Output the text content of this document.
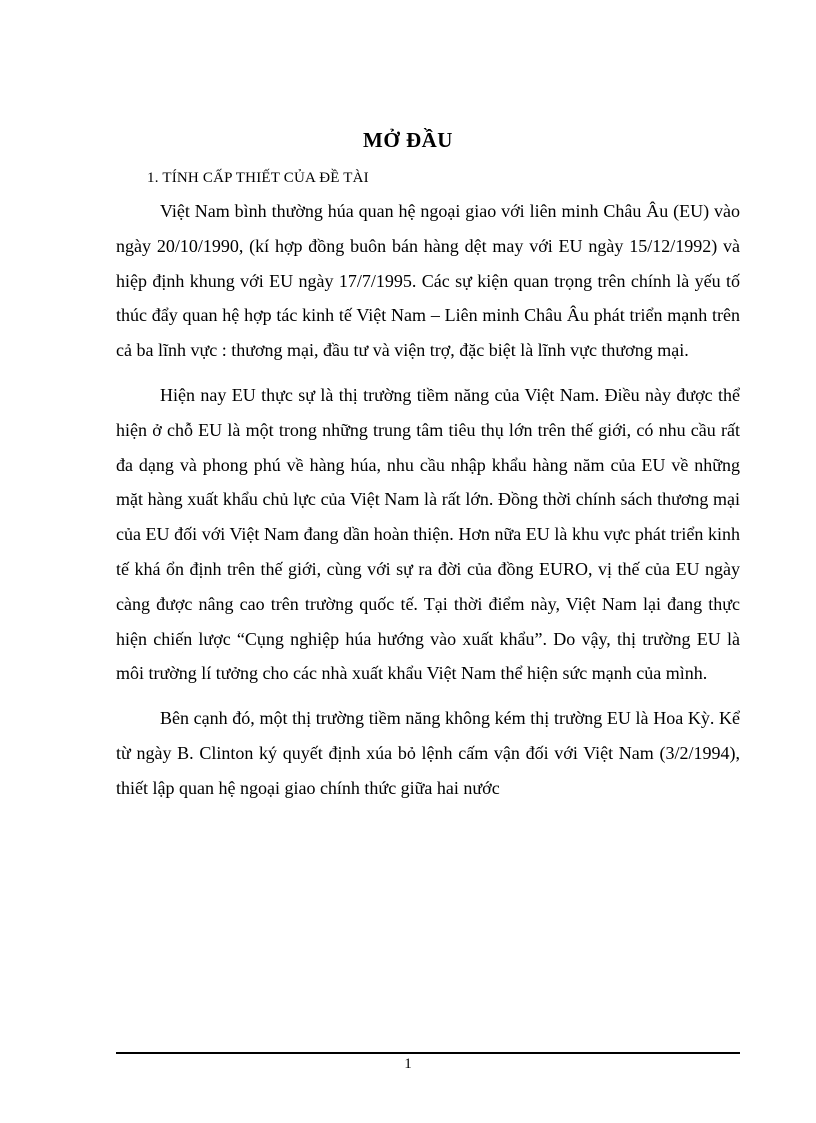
MỞ ĐẦU
1. TÍNH CẤP THIẾT CỦA ĐỀ TÀI

Việt Nam bình thường húa quan hệ ngoại giao với liên minh Châu Âu (EU) vào ngày 20/10/1990, (kí hợp đồng buôn bán hàng dệt may với EU ngày 15/12/1992) và hiệp định khung với EU ngày 17/7/1995. Các sự kiện quan trọng trên chính là yếu tố thúc đẩy quan hệ hợp tác kinh tế Việt Nam – Liên minh Châu Âu phát triển mạnh trên cả ba lĩnh vực : thương mại, đầu tư và viện trợ, đặc biệt là lĩnh vực thương mại.

Hiện nay EU thực sự là thị trường tiềm năng của Việt Nam. Điều này được thể hiện ở chỗ EU là một trong những trung tâm tiêu thụ lớn trên thế giới, có nhu cầu rất đa dạng và phong phú về hàng húa, nhu cầu nhập khẩu hàng năm của EU về những mặt hàng xuất khẩu chủ lực của Việt Nam là rất lớn. Đồng thời chính sách thương mại của EU đối với Việt Nam đang dần hoàn thiện. Hơn nữa EU là khu vực phát triển kinh tế khá ổn định trên thế giới, cùng với sự ra đời của đồng EURO, vị thế của EU ngày càng được nâng cao trên trường quốc tế. Tại thời điểm này, Việt Nam lại đang thực hiện chiến lược “Cụng nghiệp húa hướng vào xuất khẩu”. Do vậy, thị trường EU là môi trường lí tưởng cho các nhà xuất khẩu Việt Nam thể hiện sức mạnh của mình.

Bên cạnh đó, một thị trường tiềm năng không kém thị trường EU là Hoa Kỳ. Kể từ ngày B. Clinton ký quyết định xúa bỏ lệnh cấm vận đối với Việt Nam (3/2/1994), thiết lập quan hệ ngoại giao chính thức giữa hai nước

1
